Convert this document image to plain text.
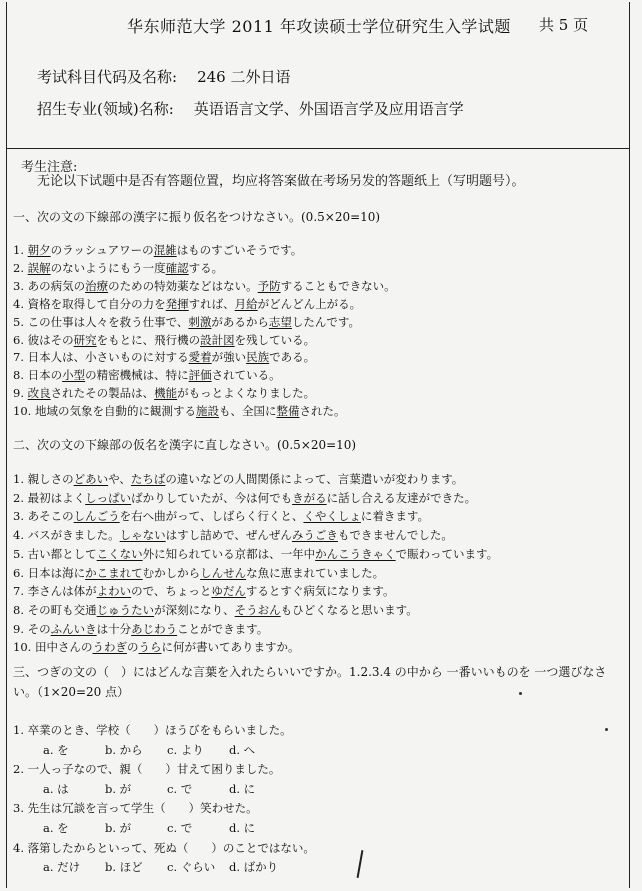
华东师范大学 2011 年攻读硕士学位研究生入学试题 共 5 页
考试科目代码及名称: 246 二外日语
招生专业(领域)名称: 英语语言文学、外国语言学及应用语言学
考生注意:
无论以下试题中是否有答题位置，均应将答案做在考场另发的答题纸上（写明题号）。
一、次の文の下線部の漢字に振り仮名をつけなさい。(0.5×20=10)
1. 朝夕のラッシュアワーの混雑はものすごいそうです。
2. 誤解のないようにもう一度確認する。
3. あの病気の治療のための特効薬などはない。予防することもできない。
4. 資格を取得して自分の力を発揮すれば、月給がどんどん上がる。
5. この仕事は人々を救う仕事で、刺激があるから志望したんです。
6. 彼はその研究をもとに、飛行機の設計図を残している。
7. 日本人は、小さいものに対する愛着が強い民族である。
8. 日本の小型の精密機械は、特に評価されている。
9. 改良されたその製品は、機能がもっとよくなりました。
10. 地域の気象を自動的に観測する施設も、全国に整備された。
二、次の文の下線部の仮名を漢字に直しなさい。(0.5×20=10)
1. 親しさのどあいや、たちばの違いなどの人間関係によって、言葉遣いが変わります。
2. 最初はよくしっぱいばかりしていたが、今は何でもきがるに話し合える友達ができた。
3. あそこのしんごうを右へ曲がって、しばらく行くと、くやくしょに着きます。
4. バスがきました。しゃないはすし詰めで、ぜんぜんみうごきもできませんでした。
5. 古い都としてこくない外に知られている京都は、一年中かんこうきゃくで賑わっています。
6. 日本は海にかこまれてむかしからしんせんな魚に恵まれていました。
7. 李さんは体がよわいので、ちょっとゆだんするとすぐ病気になります。
8. その町も交通じゅうたいが深刻になり、そうおんもひどくなると思います。
9. そのふんいきは十分あじわうことができます。
10. 田中さんのうわぎのうらに何が書いてありますか。
三、つぎの文の（　）にはどんな言葉を入れたらいいですか。1.2.3.4 の中から 一番いいものを 一つ選びなさい。（1×20=20 点）
1. 卒業のとき、学校（　　）ほうびをもらいました。
a. を	b. から c. より d. へ
2. 一人っ子なので、親（　　）甘えて困りました。
a. は	b. が	c. で	d. に
3. 先生は冗談を言って学生（　　）笑わせた。
a. を	b. が	c. で	d. に
4. 落第したからといって、死ぬ（　　）のことではない。
a. だけ b. ほど c. ぐらい d. ばかり
